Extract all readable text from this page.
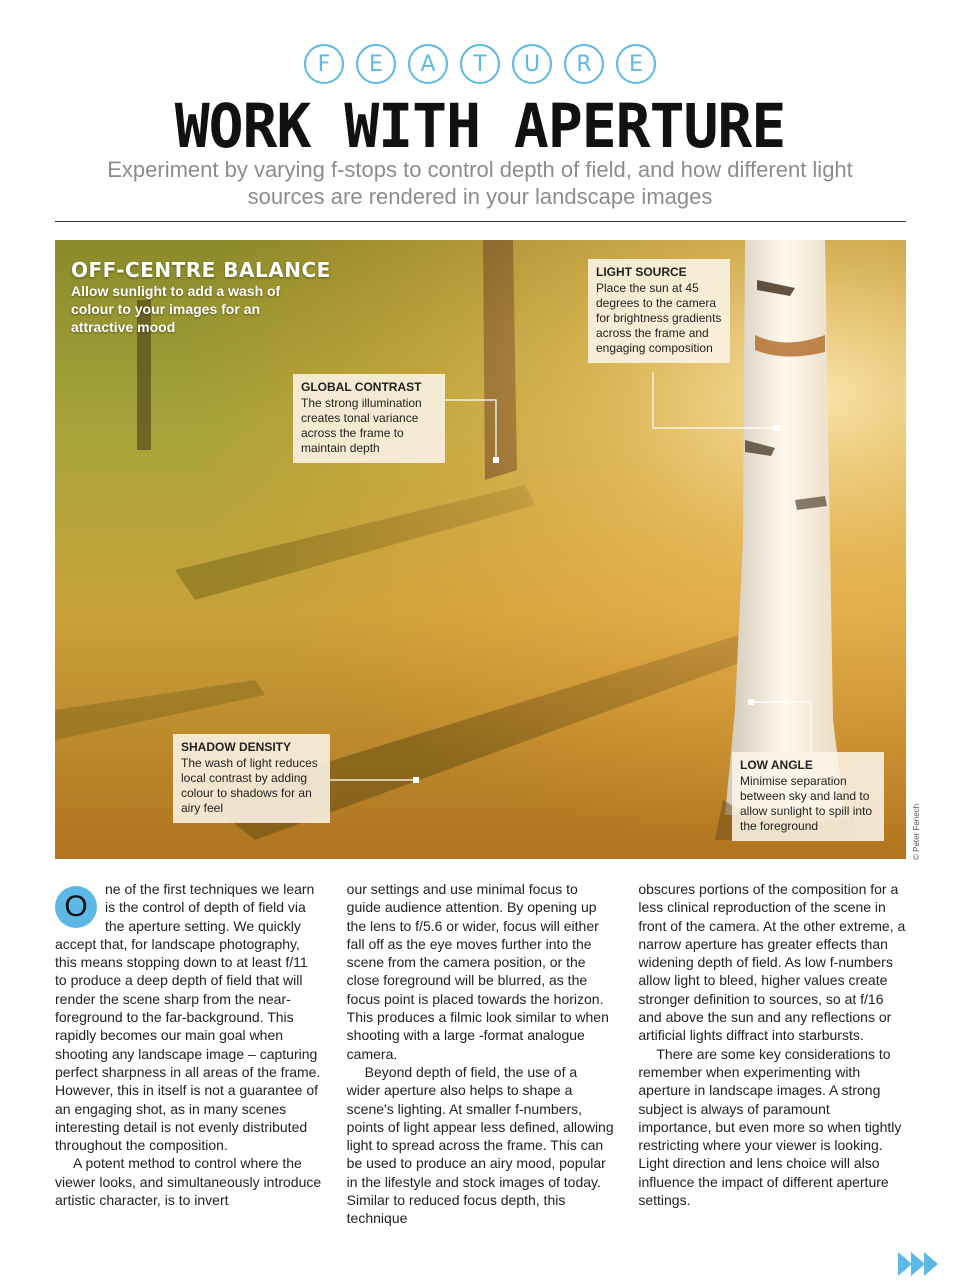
F	E	A	T	U	R	E
WORK WITH APERTURE
Experiment by varying f-stops to control depth of field, and how different light sources are rendered in your landscape images
OFF-CENTRE BALANCE
Allow sunlight to add a wash of colour to your images for an attractive mood
LIGHT SOURCE
Place the sun at 45 degrees to the camera for brightness gradients across the frame and engaging composition
GLOBAL CONTRAST
The strong illumination creates tonal variance across the frame to maintain depth
SHADOW DENSITY
The wash of light reduces local contrast by adding colour to shadows for an airy feel
LOW ANGLE
Minimise separation between sky and land to allow sunlight to spill into the foreground	© Peter Fenech
O

ne of the first techniques we learn is the control of depth of field via the aperture setting. We quickly accept that, for landscape photography, this means stopping down to at least f/11 to produce a deep depth of field that will render the scene sharp from the near-foreground to the far-background. This rapidly becomes our main goal when shooting any landscape image – capturing perfect sharpness in all areas of the frame. However, this in itself is not a guarantee of an engaging shot, as in many scenes interesting detail is not evenly distributed throughout the composition.

A potent method to control where the viewer looks, and simultaneously introduce artistic character, is to invert

our settings and use minimal focus to guide audience attention. By opening up the lens to f/5.6 or wider, focus will either fall off as the eye moves further into the scene from the camera position, or the close foreground will be blurred, as the focus point is placed towards the horizon. This produces a filmic look similar to when shooting with a large -format analogue camera.

Beyond depth of field, the use of a wider aperture also helps to shape a scene's lighting. At smaller f-numbers, points of light appear less defined, allowing light to spread across the frame. This can be used to produce an airy mood, popular in the lifestyle and stock images of today. Similar to reduced focus depth, this technique

obscures portions of the composition for a less clinical reproduction of the scene in front of the camera. At the other extreme, a narrow aperture has greater effects than widening depth of field. As low f-numbers allow light to bleed, higher values create stronger definition to sources, so at f/16 and above the sun and any reflections or artificial lights diffract into starbursts.

There are some key considerations to remember when experimenting with aperture in landscape images. A strong subject is always of paramount importance, but even more so when tightly restricting where your viewer is looking. Light direction and lens choice will also influence the impact of different aperture settings.
